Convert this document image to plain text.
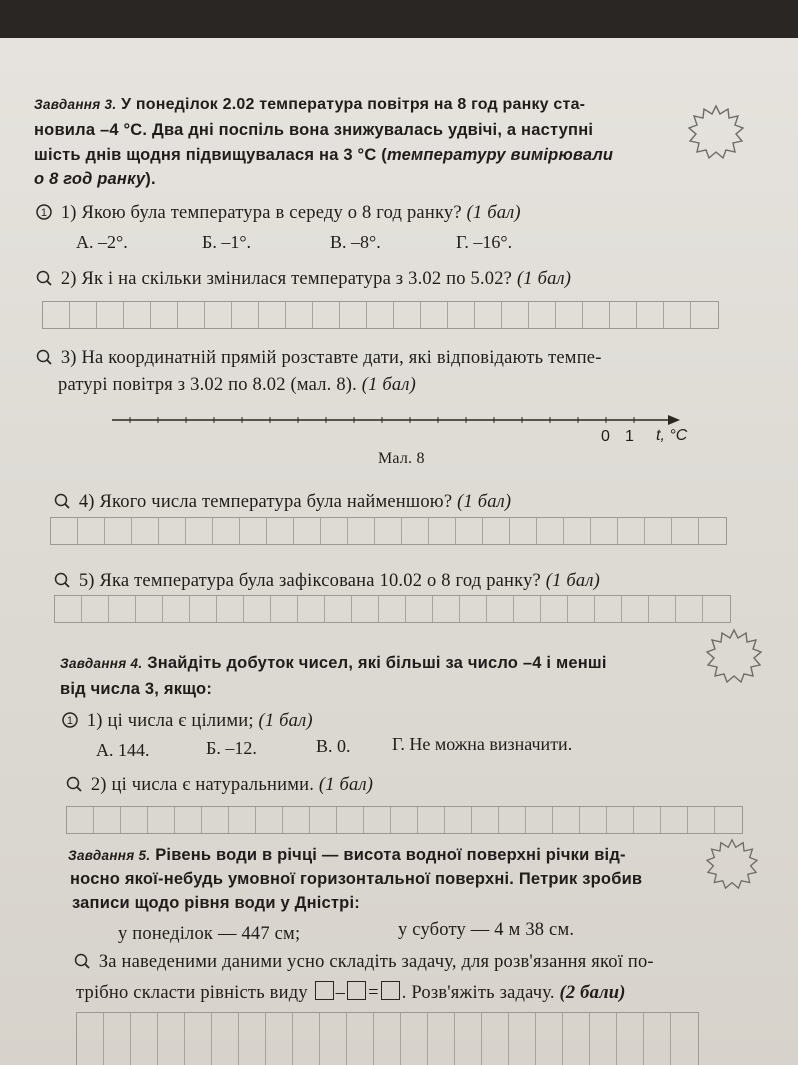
Завдання 3. У понеділок 2.02 температура повітря на 8 год ранку ста-
новила –4 °С. Два дні поспіль вона знижувалась удвічі, а наступні
шість днів щодня підвищувалася на 3 °С (температуру вимірювали
о 8 год ранку).
1 1) Якою була температура в середу о 8 год ранку? (1 бал)
А. –2°.	Б. –1°.	В. –8°.	Г. –16°.
2) Як і на скільки змінилася температура з 3.02 по 5.02? (1 бал)
3) На координатній прямій розставте дати, які відповідають темпе-
ратурі повітря з 3.02 по 8.02 (мал. 8). (1 бал)
0 1 t, °C
Мал. 8
4) Якого числа температура була найменшою? (1 бал)
5) Яка температура була зафіксована 10.02 о 8 год ранку? (1 бал)
Завдання 4. Знайдіть добуток чисел, які більші за число –4 і менші
від числа 3, якщо:
1 1) ці числа є цілими; (1 бал)
А. 144.	Б. –12.	В. 0. Г. Не можна визначити.
2) ці числа є натуральними. (1 бал)
Завдання 5. Рівень води в річці — висота водної поверхні річки від-
носно якої-небудь умовної горизонтальної поверхні. Петрик зробив
записи щодо рівня води у Дністрі:
у понеділок — 447 см;	у суботу — 4 м 38 см.
За наведеними даними усно складіть задачу, для розв'язання якої по-
трібно скласти рівність виду – = . Розв'яжіть задачу. (2 бали)
